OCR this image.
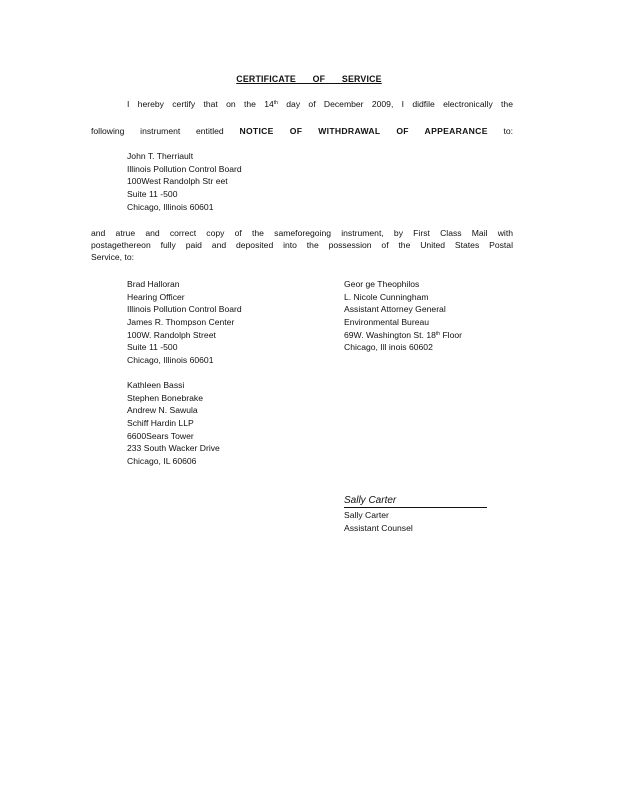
CERTIFICATE OF SERVICE
I hereby certify that on the 14th day of December 2009, I didfile electronically the
following instrument entitled NOTICE OF WITHDRAWAL OF APPEARANCE to:
John T. Therriault
Illinois Pollution Control Board
100West Randolph Str eet
Suite 11 -500
Chicago, Illinois 60601
and atrue and correct copy of the sameforegoing instrument, by First Class Mail with
postagethereon fully paid and deposited into the possession of the United States Postal
Service, to:
Brad Halloran
Hearing Officer
Illinois Pollution Control Board
James R. Thompson Center
100W. Randolph Street
Suite 11 -500
Chicago, Illinois 60601
Geor ge Theophilos
L. Nicole Cunningham
Assistant Attorney General
Environmental Bureau
69W. Washington St. 18th Floor
Chicago, Ill inois 60602
Kathleen Bassi
Stephen Bonebrake
Andrew N. Sawula
Schiff Hardin LLP
6600Sears Tower
233 South Wacker Drive
Chicago, IL 60606
Sally Carter
Sally Carter
Assistant Counsel
